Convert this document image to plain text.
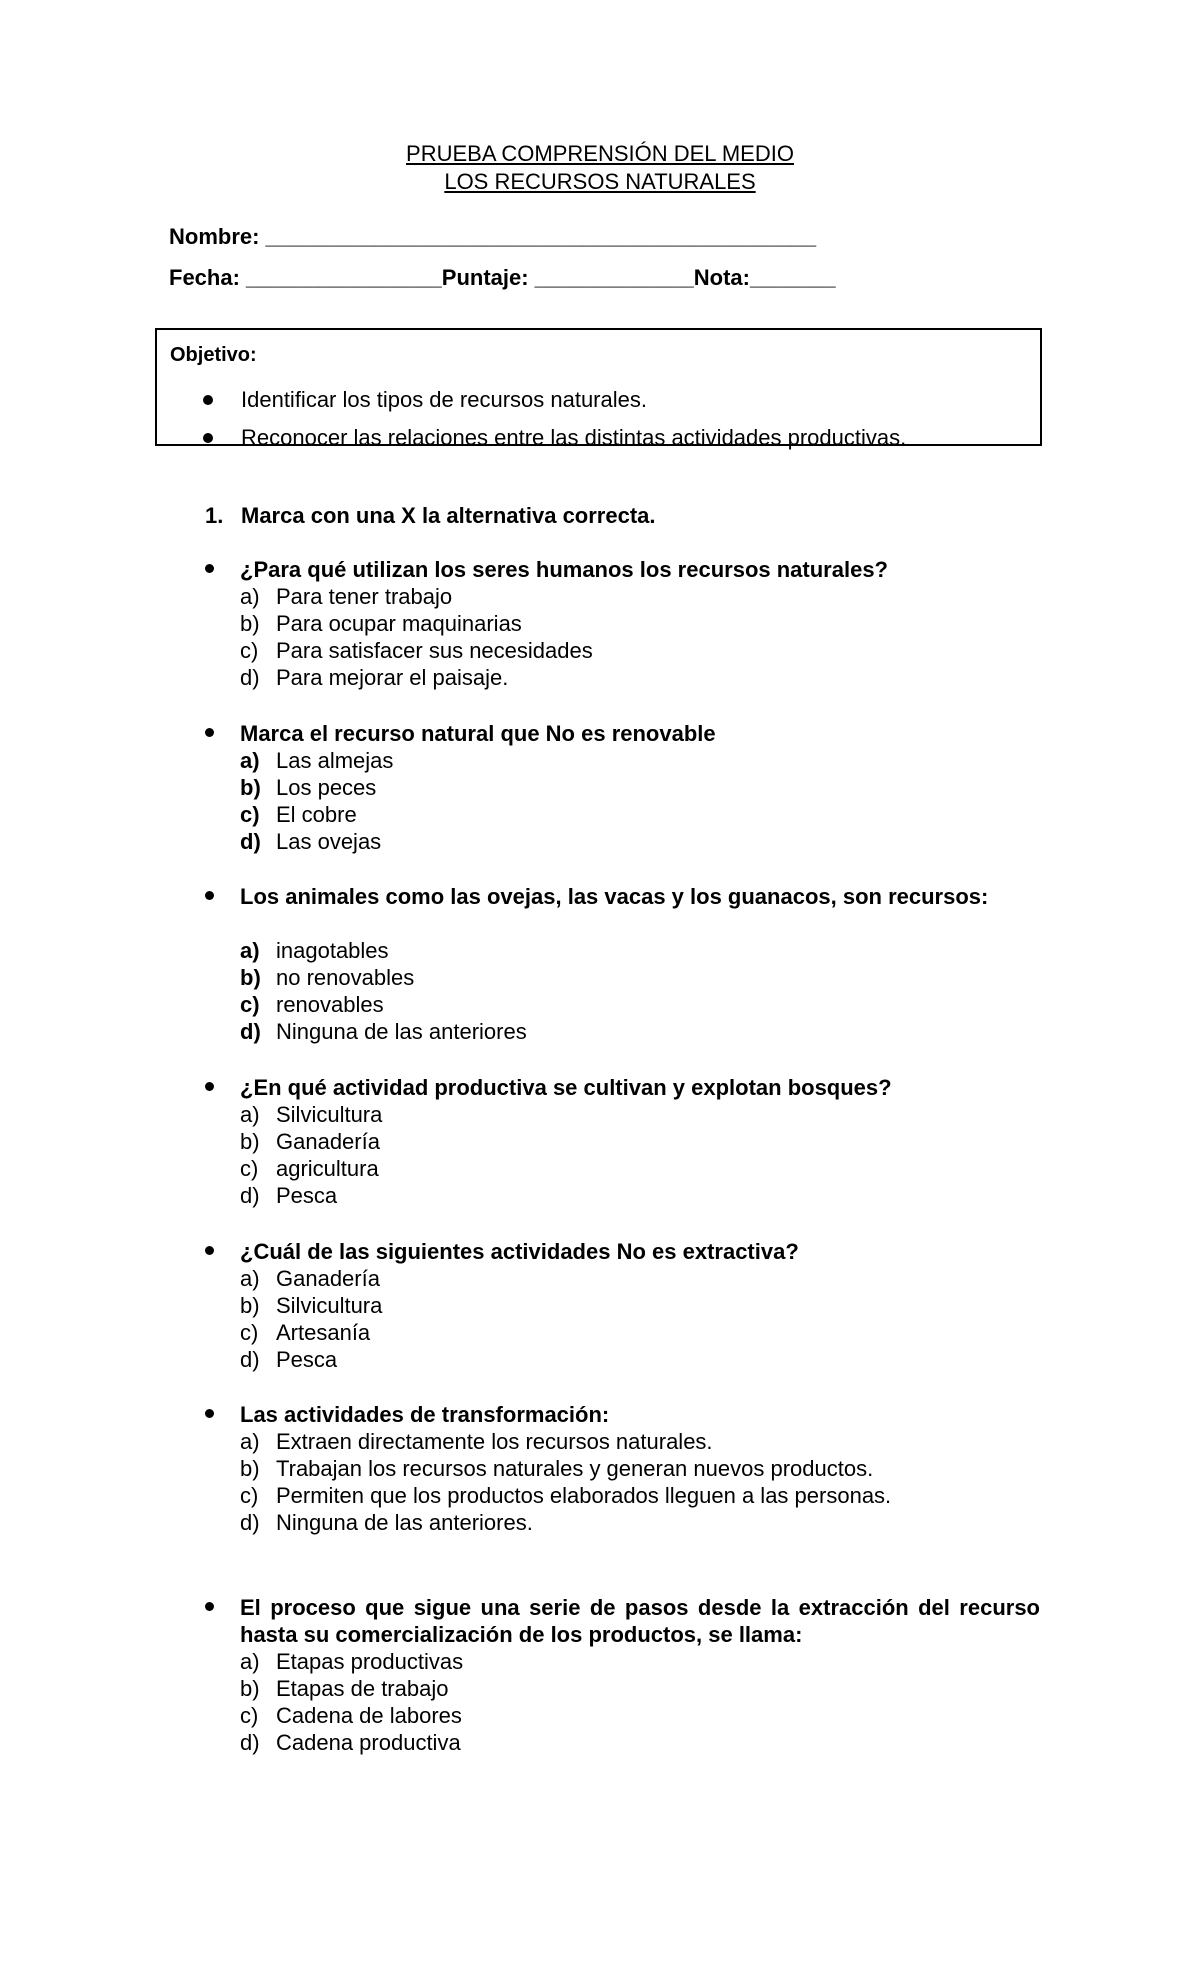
PRUEBA COMPRENSIÓN DEL MEDIO
LOS RECURSOS NATURALES
Nombre: _____________________________________________
Fecha: ________________Puntaje: _____________Nota:_______
Objetivo:
Identificar los tipos de recursos naturales.
Reconocer las relaciones entre las distintas actividades productivas.
1. Marca con una X la alternativa correcta.
¿Para qué utilizan los seres humanos los recursos naturales?
a) Para tener trabajo
b) Para ocupar maquinarias
c) Para satisfacer sus necesidades
d) Para mejorar el paisaje.
Marca el recurso natural que No es renovable
a) Las almejas
b) Los peces
c) El cobre
d) Las ovejas
Los animales como las ovejas, las vacas y los guanacos, son recursos:
a) inagotables
b) no renovables
c) renovables
d) Ninguna de las anteriores
¿En qué actividad productiva se cultivan y explotan bosques?
a) Silvicultura
b) Ganadería
c) agricultura
d) Pesca
¿Cuál de las siguientes actividades No es extractiva?
a) Ganadería
b) Silvicultura
c) Artesanía
d) Pesca
Las actividades de transformación:
a) Extraen directamente los recursos naturales.
b) Trabajan los recursos naturales y generan nuevos productos.
c) Permiten que los productos elaborados lleguen a las personas.
d) Ninguna de las anteriores.
El proceso que sigue una serie de pasos desde la extracción del recurso hasta su comercialización de los productos, se llama:
a) Etapas productivas
b) Etapas de trabajo
c) Cadena de labores
d) Cadena productiva
